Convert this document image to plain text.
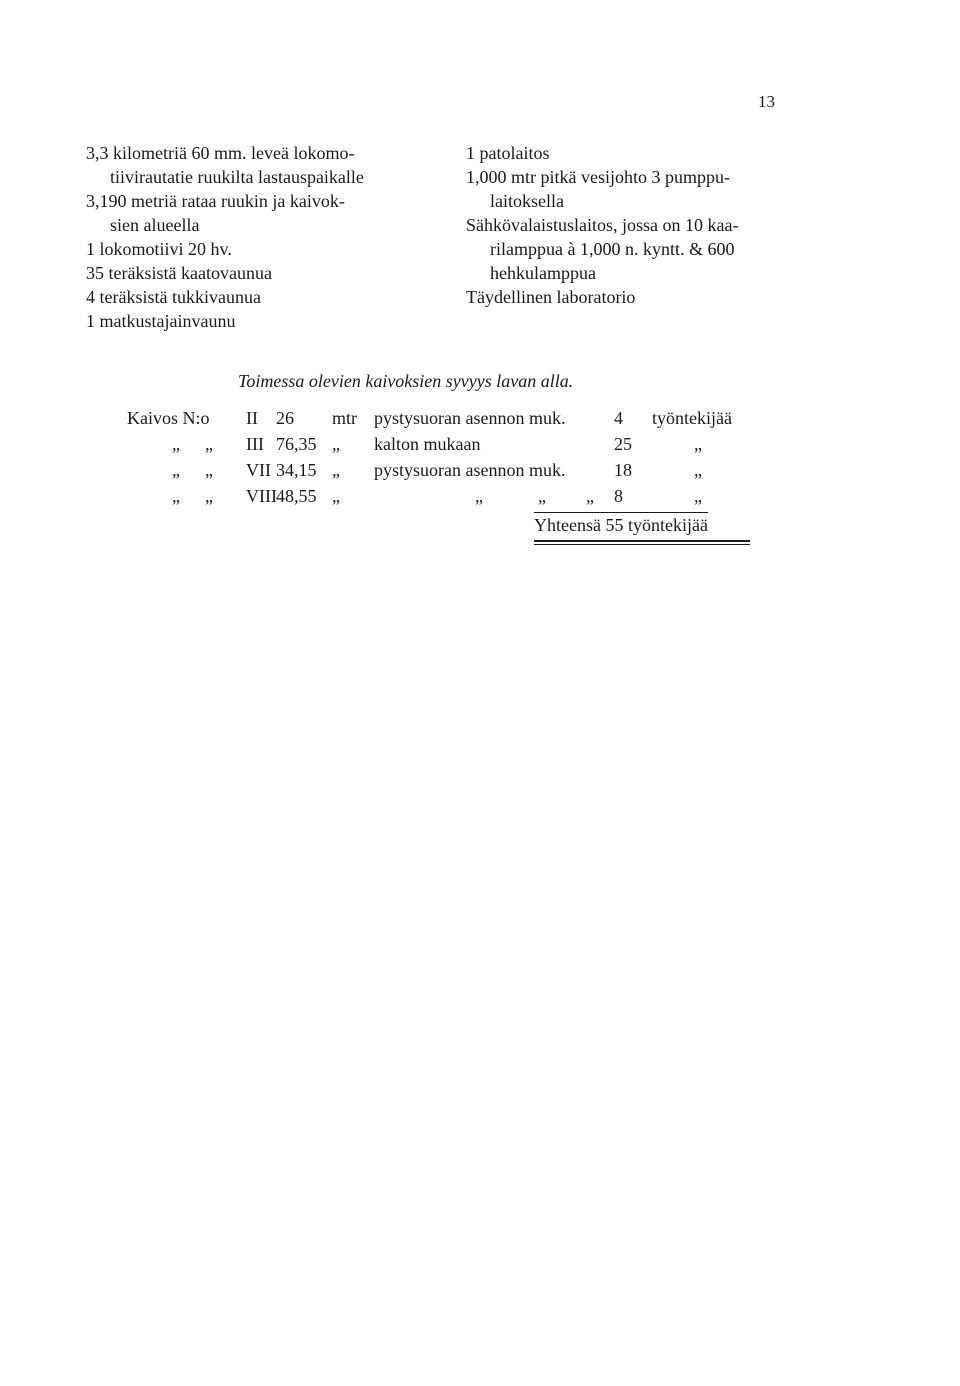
13
3,3 kilometriä 60 mm. leveä lokomo-
tiivirautatie ruukilta lastauspaikalle
3,190 metriä rataa ruukin ja kaivok-
sien alueella
1 lokomotiivi 20 hv.
35 teräksistä kaatovaunua
4 teräksistä tukkivaunua
1 matkustajainvaunu
1 patolaitos
1,000 mtr pitkä vesijohto 3 pumppu-
laitoksella
Sähkövalaistuslaitos, jossa on 10 kaa-
rilamppua à 1,000 n. kyntt. & 600
hehkulamppua
Täydellinen laboratorio
Toimessa olevien kaivoksien syvyys lavan alla.
Kaivos N:o II 26 mtr pystysuoran asennon muk.	4 työntekijää
„ „ III 76,35 „ kalton mukaan	25	„
„ „ VII 34,15 „ pystysuoran asennon muk.	18	„
„ „ VIII 48,55 „	„	„ „ 8	„
Yhteensä 55 työntekijää
